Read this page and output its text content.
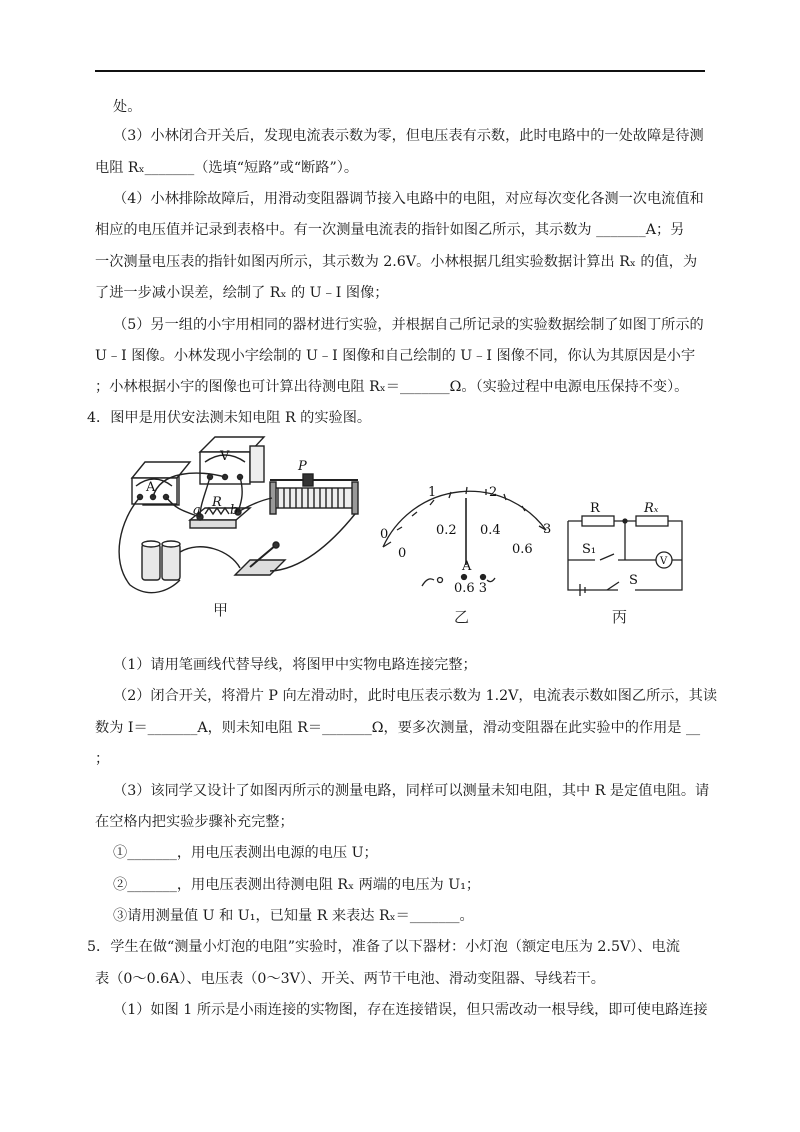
处。
（3）小林闭合开关后，发现电流表示数为零，但电压表有示数，此时电路中的一处故障是待测
电阻 Rₓ_______（选填“短路”或“断路”）。
（4）小林排除故障后，用滑动变阻器调节接入电路中的电阻，对应每次变化各测一次电流值和
相应的电压值并记录到表格中。有一次测量电流表的指针如图乙所示，其示数为 _______A；另
一次测量电压表的指针如图丙所示，其示数为 2.6V。小林根据几组实验数据计算出 Rₓ 的值，为
了进一步减小误差，绘制了 Rₓ 的 U﹣I 图像；
（5）另一组的小宇用相同的器材进行实验，并根据自己所记录的实验数据绘制了如图丁所示的
U﹣I 图像。小林发现小宇绘制的 U﹣I 图像和自己绘制的 U﹣I 图像不同，你认为其原因是小宇
；小林根据小宇的图像也可计算出待测电阻 Rₓ＝_______Ω。（实验过程中电源电压保持不变）。
4．图甲是用伏安法测未知电阻 R 的实验图。
A
V
R
a b
P
甲
0
1	2
3
0
0.2 0.4
0.6
A
0.6 3
乙
R	Rₓ
S₁
S
V
丙
（1）请用笔画线代替导线，将图甲中实物电路连接完整；
（2）闭合开关，将滑片 P 向左滑动时，此时电压表示数为 1.2V，电流表示数如图乙所示，其读
数为 I＝_______A，则未知电阻 R＝_______Ω，要多次测量，滑动变阻器在此实验中的作用是 __
；
（3）该同学又设计了如图丙所示的测量电路，同样可以测量未知电阻，其中 R 是定值电阻。请
在空格内把实验步骤补充完整；
①_______，用电压表测出电源的电压 U；
②_______，用电压表测出待测电阻 Rₓ 两端的电压为 U₁；
③请用测量值 U 和 U₁，已知量 R 来表达 Rₓ＝_______。
5．学生在做“测量小灯泡的电阻”实验时，准备了以下器材：小灯泡（额定电压为 2.5V）、电流
表（0～0.6A）、电压表（0～3V）、开关、两节干电池、滑动变阻器、导线若干。
（1）如图 1 所示是小雨连接的实物图，存在连接错误，但只需改动一根导线，即可使电路连接
